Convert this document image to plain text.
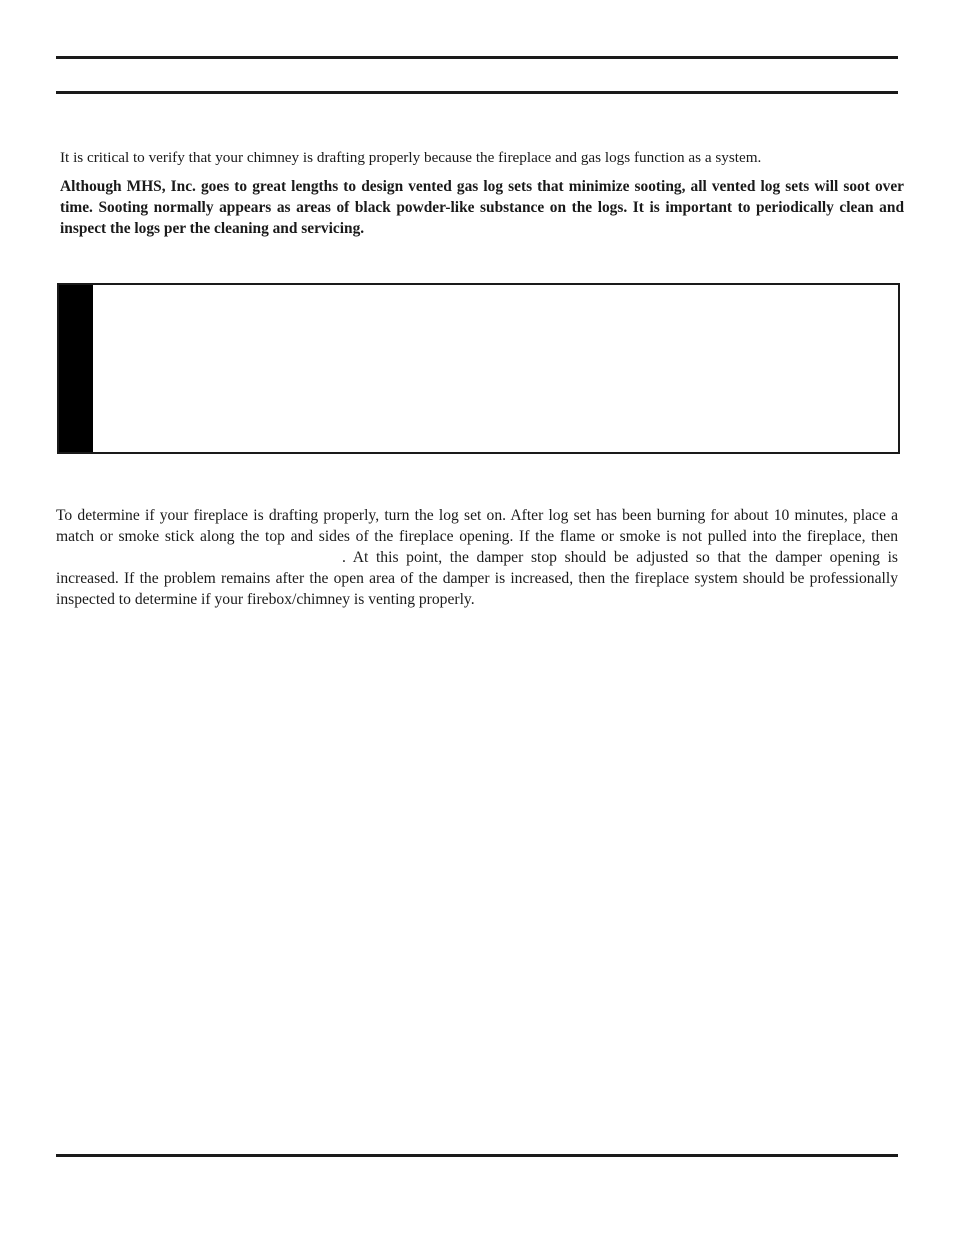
It is critical to verify that your chimney is drafting properly because the fireplace and gas logs function as a system.

Although MHS, Inc. goes to great lengths to design vented gas log sets that minimize sooting, all vented log sets will soot over time. Sooting normally appears as areas of black powder-like substance on the logs. It is important to periodically clean and inspect the logs per the cleaning and servicing.

To determine if your fireplace is drafting properly, turn the log set on. After log set has been burning for about 10 minutes, place a match or smoke stick along the top and sides of the fireplace opening. If the flame or smoke is not pulled into the fireplace, then. At this point, the damper stop should be adjusted so that the damper opening is increased. If the problem remains after the open area of the damper is increased, then the fireplace system should be professionally inspected to determine if your firebox/chimney is venting properly.
